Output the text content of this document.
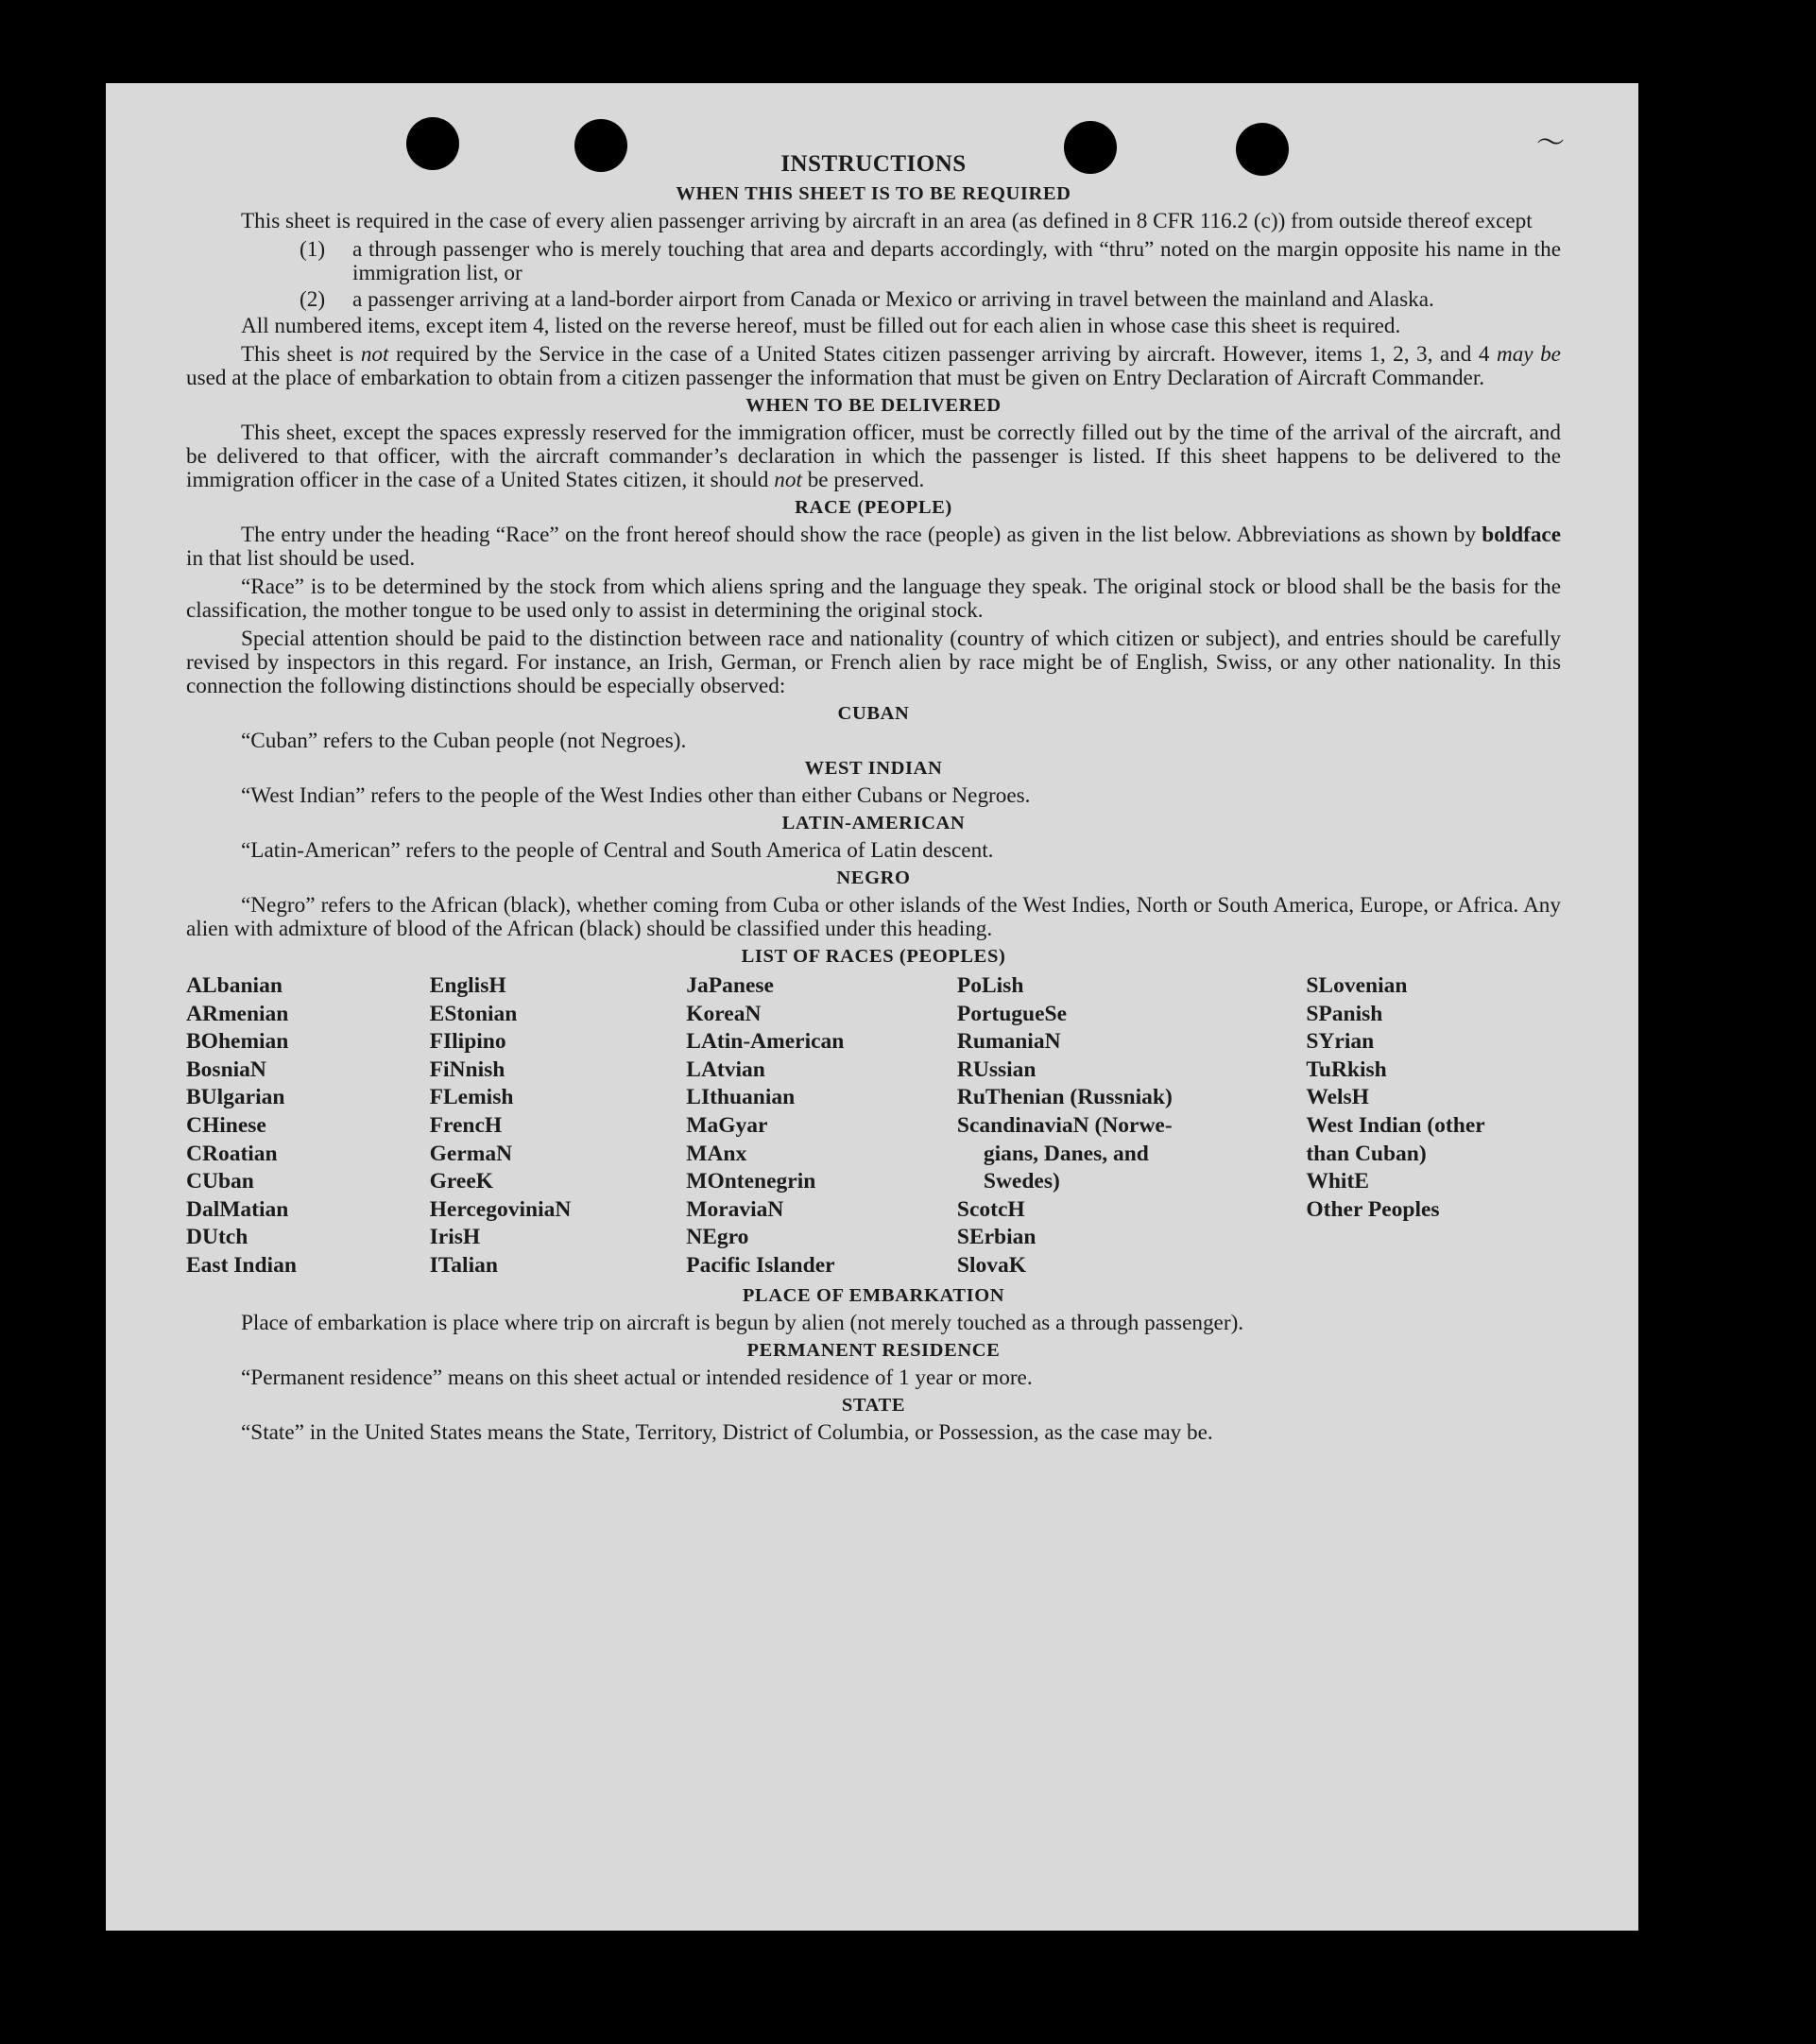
〜
INSTRUCTIONS
WHEN THIS SHEET IS TO BE REQUIRED

This sheet is required in the case of every alien passenger arriving by aircraft in an area (as defined in 8 CFR 116.2 (c)) from outside thereof except

(1)	a through passenger who is merely touching that area and departs accordingly, with “thru” noted on the margin opposite his name in the immigration list, or
(2)	a passenger arriving at a land-border airport from Canada or Mexico or arriving in travel between the mainland and Alaska.

All numbered items, except item 4, listed on the reverse hereof, must be filled out for each alien in whose case this sheet is required.

This sheet is not required by the Service in the case of a United States citizen passenger arriving by aircraft. However, items 1, 2, 3, and 4 may be used at the place of embarkation to obtain from a citizen passenger the information that must be given on Entry Declaration of Aircraft Commander.

WHEN TO BE DELIVERED

This sheet, except the spaces expressly reserved for the immigration officer, must be correctly filled out by the time of the arrival of the aircraft, and be delivered to that officer, with the aircraft commander’s declaration in which the passenger is listed. If this sheet happens to be delivered to the immigration officer in the case of a United States citizen, it should not be preserved.

RACE (PEOPLE)

The entry under the heading “Race” on the front hereof should show the race (people) as given in the list below. Abbreviations as shown by boldface in that list should be used.

“Race” is to be determined by the stock from which aliens spring and the language they speak. The original stock or blood shall be the basis for the classification, the mother tongue to be used only to assist in determining the original stock.

Special attention should be paid to the distinction between race and nationality (country of which citizen or subject), and entries should be carefully revised by inspectors in this regard. For instance, an Irish, German, or French alien by race might be of English, Swiss, or any other nationality. In this connection the following distinctions should be especially observed:

CUBAN

“Cuban” refers to the Cuban people (not Negroes).

WEST INDIAN

“West Indian” refers to the people of the West Indies other than either Cubans or Negroes.

LATIN-AMERICAN

“Latin-American” refers to the people of Central and South America of Latin descent.

NEGRO

“Negro” refers to the African (black), whether coming from Cuba or other islands of the West Indies, North or South America, Europe, or Africa. Any alien with admixture of blood of the African (black) should be classified under this heading.

LIST OF RACES (PEOPLES)
ALbanian
ARmenian
BOhemian
BosniaN
BUlgarian
CHinese
CRoatian
CUban
DalMatian
DUtch
East Indian
EnglisH
EStonian
FIlipino
FiNnish
FLemish
FrencH
GermaN
GreeK
HercegoviniaN
IrisH
ITalian
JaPanese
KoreaN
LAtin-American
LAtvian
LIthuanian
MaGyar
MAnx
MOntenegrin
MoraviaN
NEgro
Pacific Islander
PoLish
PortugueSe
RumaniaN
RUssian
RuThenian (Russniak)
ScandinaviaN (Norwe-
gians, Danes, and
Swedes)
ScotcH
SErbian
SlovaK
SLovenian
SPanish
SYrian
TuRkish
WelsH
West Indian (other
than Cuban)
WhitE
Other Peoples
PLACE OF EMBARKATION

Place of embarkation is place where trip on aircraft is begun by alien (not merely touched as a through passenger).

PERMANENT RESIDENCE

“Permanent residence” means on this sheet actual or intended residence of 1 year or more.

STATE

“State” in the United States means the State, Territory, District of Columbia, or Possession, as the case may be.
